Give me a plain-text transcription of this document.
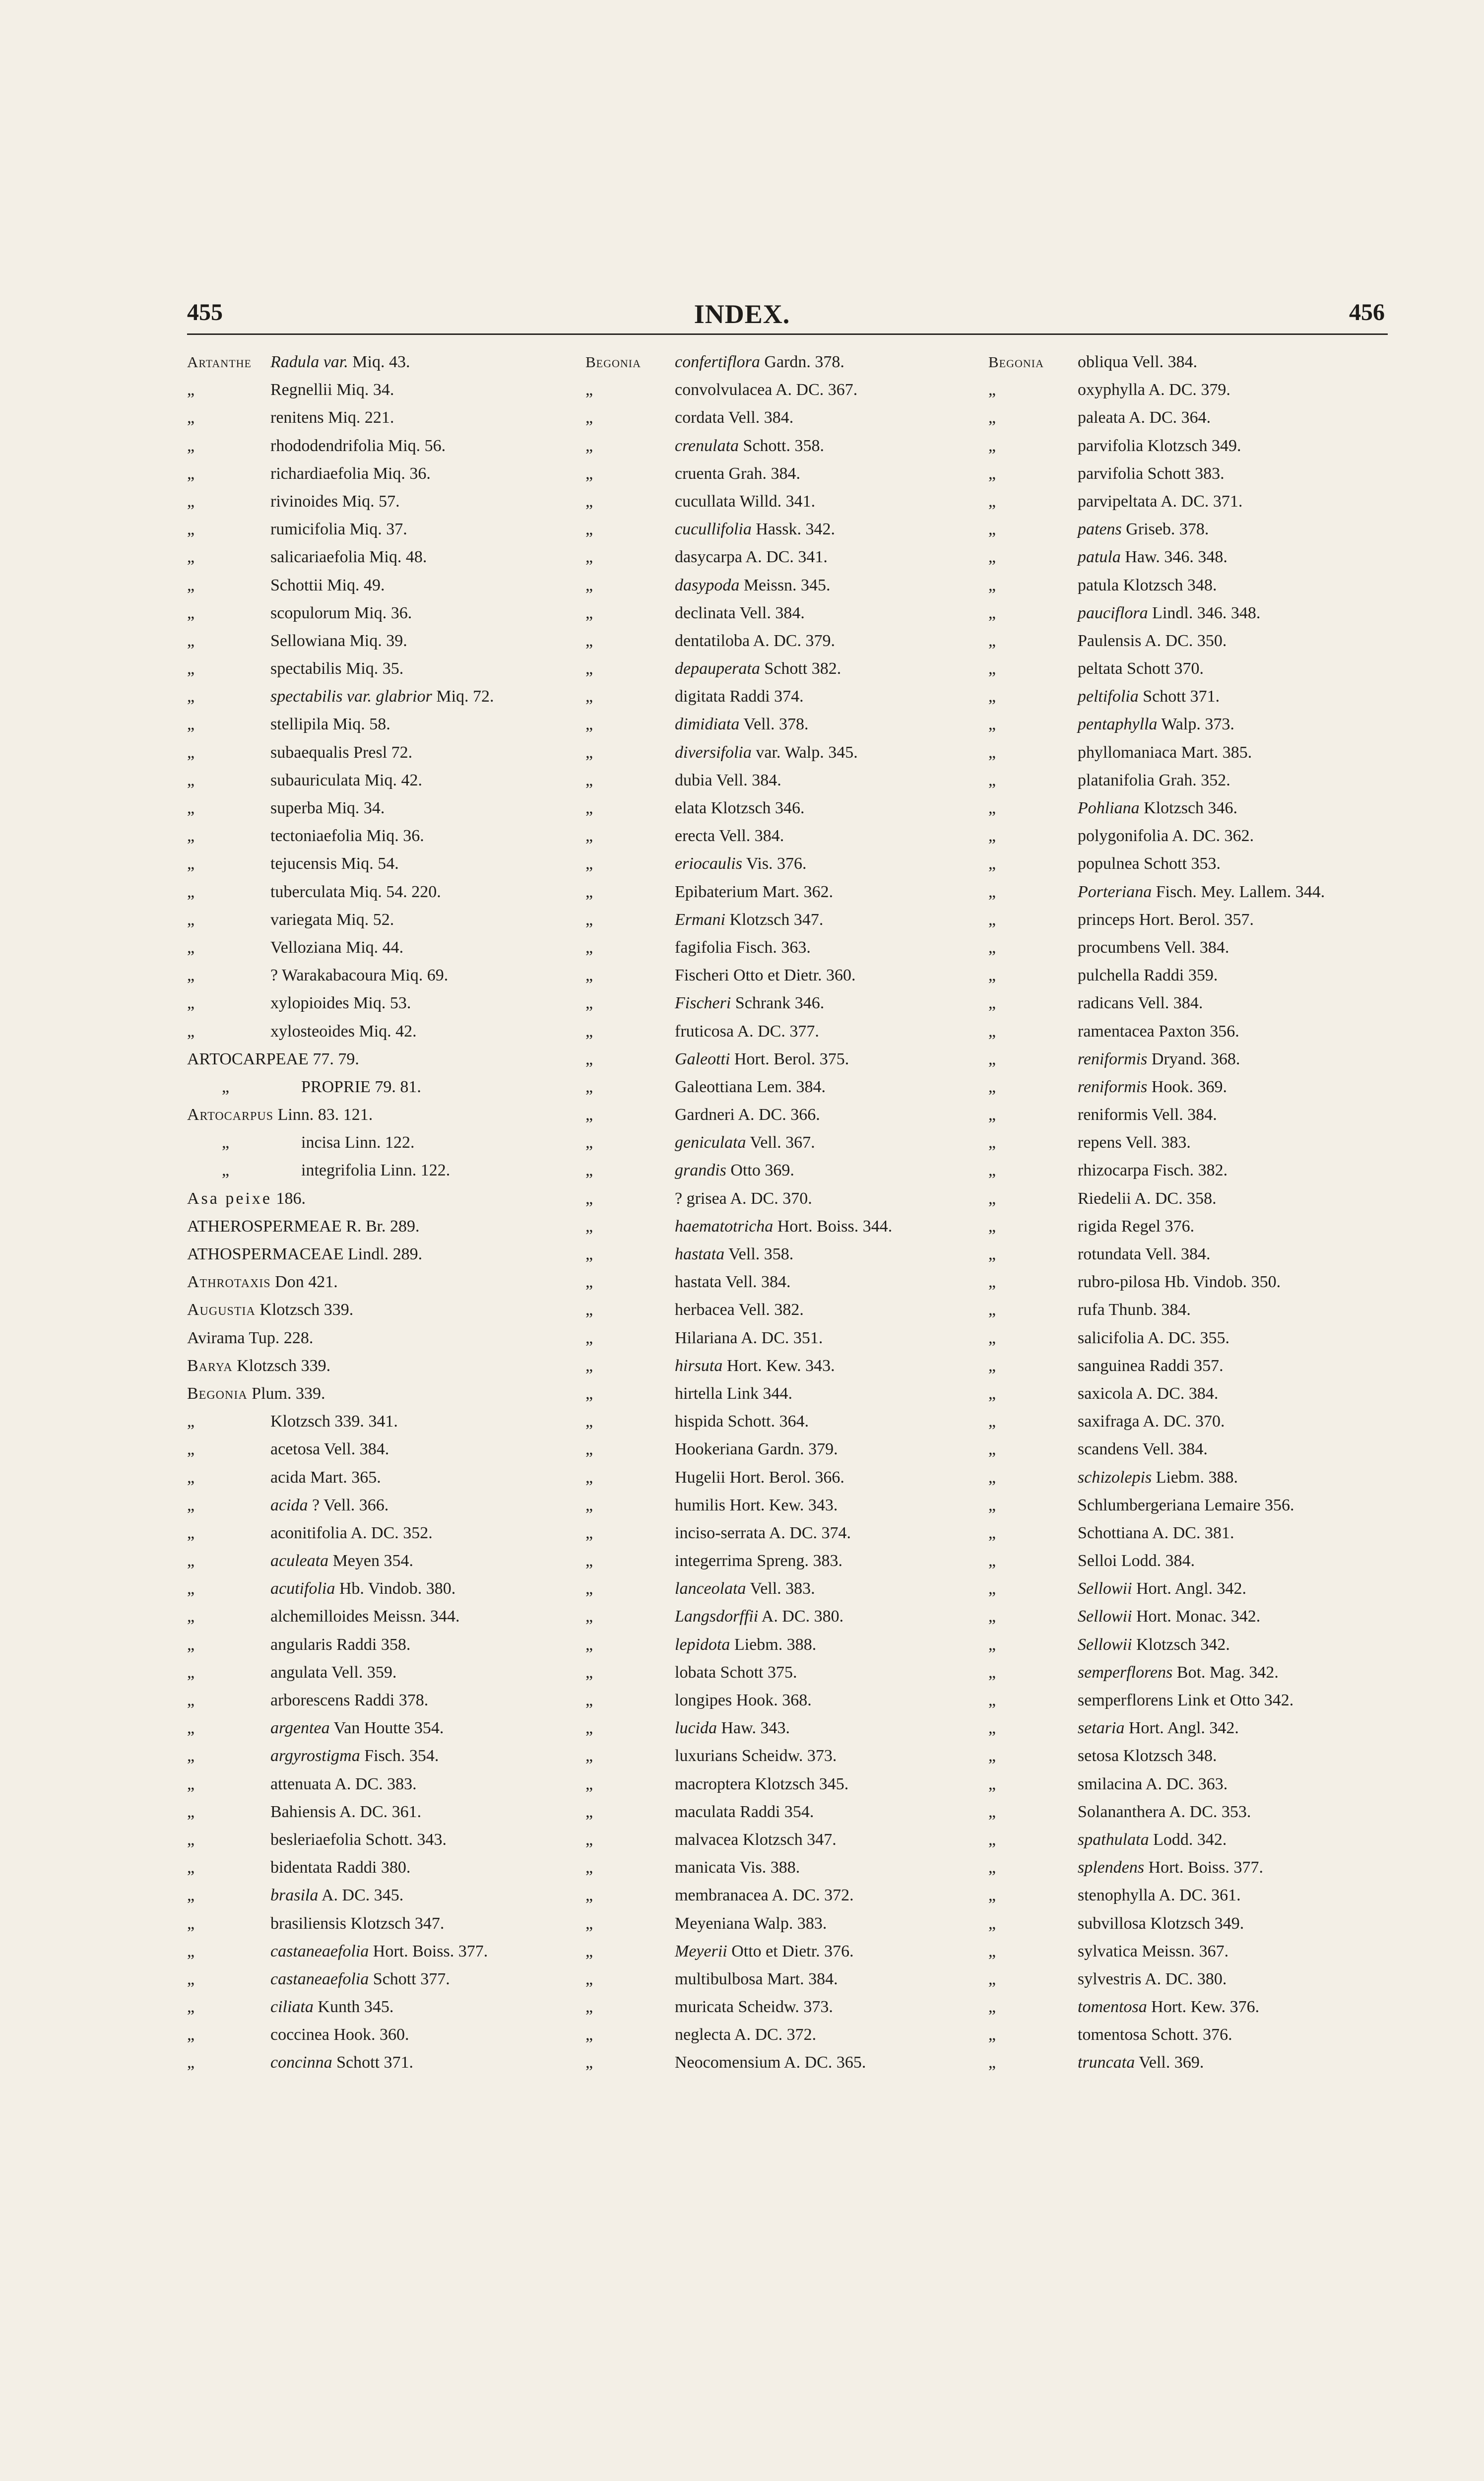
455	INDEX.	456
Artanthe Radula var. Miq. 43.
„	Regnellii Miq. 34.
„	renitens Miq. 221.
„	rhododendrifolia Miq. 56.
„	richardiaefolia Miq. 36.
„	rivinoides Miq. 57.
„	rumicifolia Miq. 37.
„	salicariaefolia Miq. 48.
„	Schottii Miq. 49.
„	scopulorum Miq. 36.
„	Sellowiana Miq. 39.
„	spectabilis Miq. 35.
„	spectabilis var. glabrior Miq. 72.
„	stellipila Miq. 58.
„	subaequalis Presl 72.
„	subauriculata Miq. 42.
„	superba Miq. 34.
„	tectoniaefolia Miq. 36.
„	tejucensis Miq. 54.
„	tuberculata Miq. 54. 220.
„	variegata Miq. 52.
„	Velloziana Miq. 44.
„	? Warakabacoura Miq. 69.
„	xylopioides Miq. 53.
„	xylosteoides Miq. 42.
ARTOCARPEAE 77. 79.
„	PROPRIE 79. 81.
Artocarpus Linn. 83. 121.
„	incisa Linn. 122.
„	integrifolia Linn. 122.
Asa peixe 186.
ATHEROSPERMEAE R. Br. 289.
ATHOSPERMACEAE Lindl. 289.
Athrotaxis Don 421.
Augustia Klotzsch 339.
Avirama Tup. 228.
Barya Klotzsch 339.
Begonia Plum. 339.
„	Klotzsch 339. 341.
„	acetosa Vell. 384.
„	acida Mart. 365.
„	acida ? Vell. 366.
„	aconitifolia A. DC. 352.
„	aculeata Meyen 354.
„	acutifolia Hb. Vindob. 380.
„	alchemilloides Meissn. 344.
„	angularis Raddi 358.
„	angulata Vell. 359.
„	arborescens Raddi 378.
„	argentea Van Houtte 354.
„	argyrostigma Fisch. 354.
„	attenuata A. DC. 383.
„	Bahiensis A. DC. 361.
„	besleriaefolia Schott. 343.
„	bidentata Raddi 380.
„	brasila A. DC. 345.
„	brasiliensis Klotzsch 347.
„	castaneaefolia Hort. Boiss. 377.
„	castaneaefolia Schott 377.
„	ciliata Kunth 345.
„	coccinea Hook. 360.
„	concinna Schott 371.
Begonia confertiflora Gardn. 378.
„	convolvulacea A. DC. 367.
„	cordata Vell. 384.
„	crenulata Schott. 358.
„	cruenta Grah. 384.
„	cucullata Willd. 341.
„	cucullifolia Hassk. 342.
„	dasycarpa A. DC. 341.
„	dasypoda Meissn. 345.
„	declinata Vell. 384.
„	dentatiloba A. DC. 379.
„	depauperata Schott 382.
„	digitata Raddi 374.
„	dimidiata Vell. 378.
„	diversifolia var. Walp. 345.
„	dubia Vell. 384.
„	elata Klotzsch 346.
„	erecta Vell. 384.
„	eriocaulis Vis. 376.
„	Epibaterium Mart. 362.
„	Ermani Klotzsch 347.
„	fagifolia Fisch. 363.
„	Fischeri Otto et Dietr. 360.
„	Fischeri Schrank 346.
„	fruticosa A. DC. 377.
„	Galeotti Hort. Berol. 375.
„	Galeottiana Lem. 384.
„	Gardneri A. DC. 366.
„	geniculata Vell. 367.
„	grandis Otto 369.
„	? grisea A. DC. 370.
„	haematotricha Hort. Boiss. 344.
„	hastata Vell. 358.
„	hastata Vell. 384.
„	herbacea Vell. 382.
„	Hilariana A. DC. 351.
„	hirsuta Hort. Kew. 343.
„	hirtella Link 344.
„	hispida Schott. 364.
„	Hookeriana Gardn. 379.
„	Hugelii Hort. Berol. 366.
„	humilis Hort. Kew. 343.
„	inciso-serrata A. DC. 374.
„	integerrima Spreng. 383.
„	lanceolata Vell. 383.
„	Langsdorffii A. DC. 380.
„	lepidota Liebm. 388.
„	lobata Schott 375.
„	longipes Hook. 368.
„	lucida Haw. 343.
„	luxurians Scheidw. 373.
„	macroptera Klotzsch 345.
„	maculata Raddi 354.
„	malvacea Klotzsch 347.
„	manicata Vis. 388.
„	membranacea A. DC. 372.
„	Meyeniana Walp. 383.
„	Meyerii Otto et Dietr. 376.
„	multibulbosa Mart. 384.
„	muricata Scheidw. 373.
„	neglecta A. DC. 372.
„	Neocomensium A. DC. 365.
Begonia obliqua Vell. 384.
„	oxyphylla A. DC. 379.
„	paleata A. DC. 364.
„	parvifolia Klotzsch 349.
„	parvifolia Schott 383.
„	parvipeltata A. DC. 371.
„	patens Griseb. 378.
„	patula Haw. 346. 348.
„	patula Klotzsch 348.
„	pauciflora Lindl. 346. 348.
„	Paulensis A. DC. 350.
„	peltata Schott 370.
„	peltifolia Schott 371.
„	pentaphylla Walp. 373.
„	phyllomaniaca Mart. 385.
„	platanifolia Grah. 352.
„	Pohliana Klotzsch 346.
„	polygonifolia A. DC. 362.
„	populnea Schott 353.
„	Porteriana Fisch. Mey. Lallem. 344.
„	princeps Hort. Berol. 357.
„	procumbens Vell. 384.
„	pulchella Raddi 359.
„	radicans Vell. 384.
„	ramentacea Paxton 356.
„	reniformis Dryand. 368.
„	reniformis Hook. 369.
„	reniformis Vell. 384.
„	repens Vell. 383.
„	rhizocarpa Fisch. 382.
„	Riedelii A. DC. 358.
„	rigida Regel 376.
„	rotundata Vell. 384.
„	rubro-pilosa Hb. Vindob. 350.
„	rufa Thunb. 384.
„	salicifolia A. DC. 355.
„	sanguinea Raddi 357.
„	saxicola A. DC. 384.
„	saxifraga A. DC. 370.
„	scandens Vell. 384.
„	schizolepis Liebm. 388.
„	Schlumbergeriana Lemaire 356.
„	Schottiana A. DC. 381.
„	Selloi Lodd. 384.
„	Sellowii Hort. Angl. 342.
„	Sellowii Hort. Monac. 342.
„	Sellowii Klotzsch 342.
„	semperflorens Bot. Mag. 342.
„	semperflorens Link et Otto 342.
„	setaria Hort. Angl. 342.
„	setosa Klotzsch 348.
„	smilacina A. DC. 363.
„	Solananthera A. DC. 353.
„	spathulata Lodd. 342.
„	splendens Hort. Boiss. 377.
„	stenophylla A. DC. 361.
„	subvillosa Klotzsch 349.
„	sylvatica Meissn. 367.
„	sylvestris A. DC. 380.
„	tomentosa Hort. Kew. 376.
„	tomentosa Schott. 376.
„	truncata Vell. 369.
